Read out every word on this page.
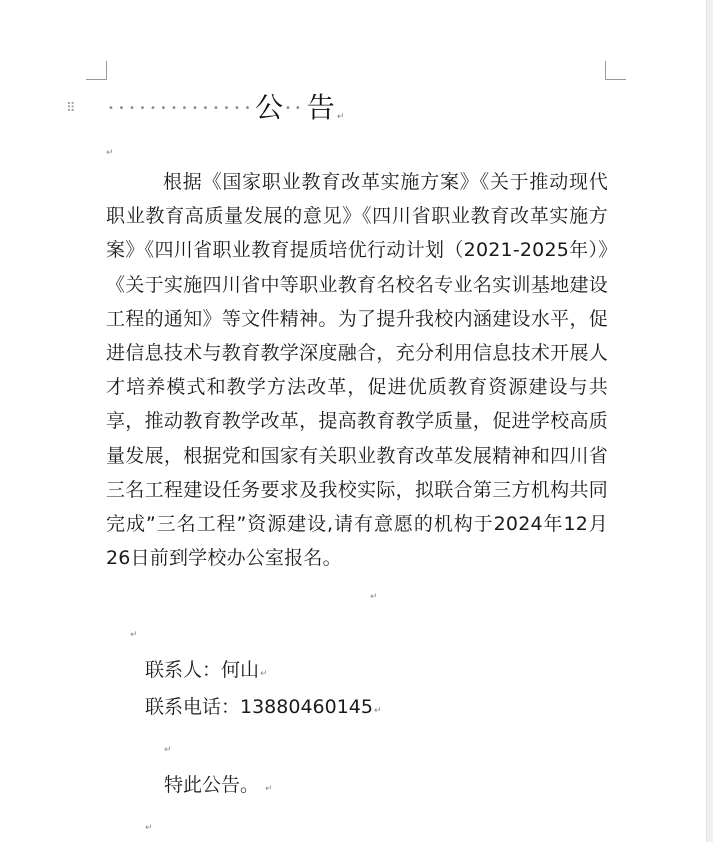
⠿	•••••••••••••• 公 •• 告 ↵
↵

根据《国家职业教育改革实施方案》《关于推动现代职业教育高质量发展的意见》《四川省职业教育改革实施方案》《四川省职业教育提质培优行动计划（2021-2025年）》《关于实施四川省中等职业教育名校名专业名实训基地建设工程的通知》等文件精神。为了提升我校内涵建设水平，促进信息技术与教育教学深度融合，充分利用信息技术开展人才培养模式和教学方法改革，促进优质教育资源建设与共享，推动教育教学改革，提高教育教学质量，促进学校高质量发展，根据党和国家有关职业教育改革发展精神和四川省三名工程建设任务要求及我校实际，拟联合第三方机构共同完成”三名工程”资源建设,请有意愿的机构于2024年12月26日前到学校办公室报名。

↵
↵
联系人：何山↵
联系电话：13880460145↵
↵
特此公告。 ↵
↵
